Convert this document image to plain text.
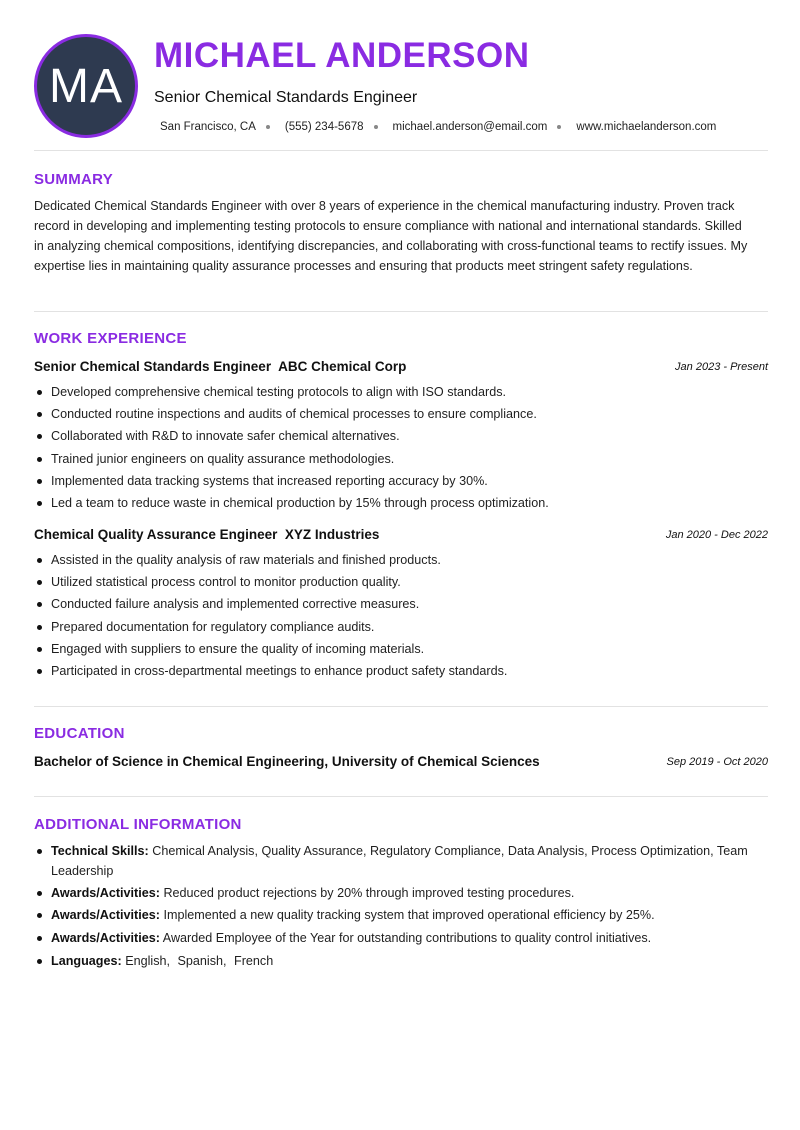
MA
MICHAEL ANDERSON
Senior Chemical Standards Engineer
San Francisco, CA	(555) 234-5678	michael.anderson@email.com	www.michaelanderson.com
SUMMARY
Dedicated Chemical Standards Engineer with over 8 years of experience in the chemical manufacturing industry. Proven track record in developing and implementing testing protocols to ensure compliance with national and international standards. Skilled in analyzing chemical compositions, identifying discrepancies, and collaborating with cross-functional teams to rectify issues. My expertise lies in maintaining quality assurance processes and ensuring that products meet stringent safety regulations.
WORK EXPERIENCE
Senior Chemical Standards Engineer ABC Chemical Corp	Jan 2023 - Present
Developed comprehensive chemical testing protocols to align with ISO standards.
Conducted routine inspections and audits of chemical processes to ensure compliance.
Collaborated with R&D to innovate safer chemical alternatives.
Trained junior engineers on quality assurance methodologies.
Implemented data tracking systems that increased reporting accuracy by 30%.
Led a team to reduce waste in chemical production by 15% through process optimization.
Chemical Quality Assurance Engineer XYZ Industries	Jan 2020 - Dec 2022
Assisted in the quality analysis of raw materials and finished products.
Utilized statistical process control to monitor production quality.
Conducted failure analysis and implemented corrective measures.
Prepared documentation for regulatory compliance audits.
Engaged with suppliers to ensure the quality of incoming materials.
Participated in cross-departmental meetings to enhance product safety standards.
EDUCATION
Bachelor of Science in Chemical Engineering, University of Chemical Sciences	Sep 2019 - Oct 2020
ADDITIONAL INFORMATION
Technical Skills: Chemical Analysis, Quality Assurance, Regulatory Compliance, Data Analysis, Process Optimization, Team Leadership
Awards/Activities: Reduced product rejections by 20% through improved testing procedures.
Awards/Activities: Implemented a new quality tracking system that improved operational efficiency by 25%.
Awards/Activities: Awarded Employee of the Year for outstanding contributions to quality control initiatives.
Languages: English, Spanish, French
